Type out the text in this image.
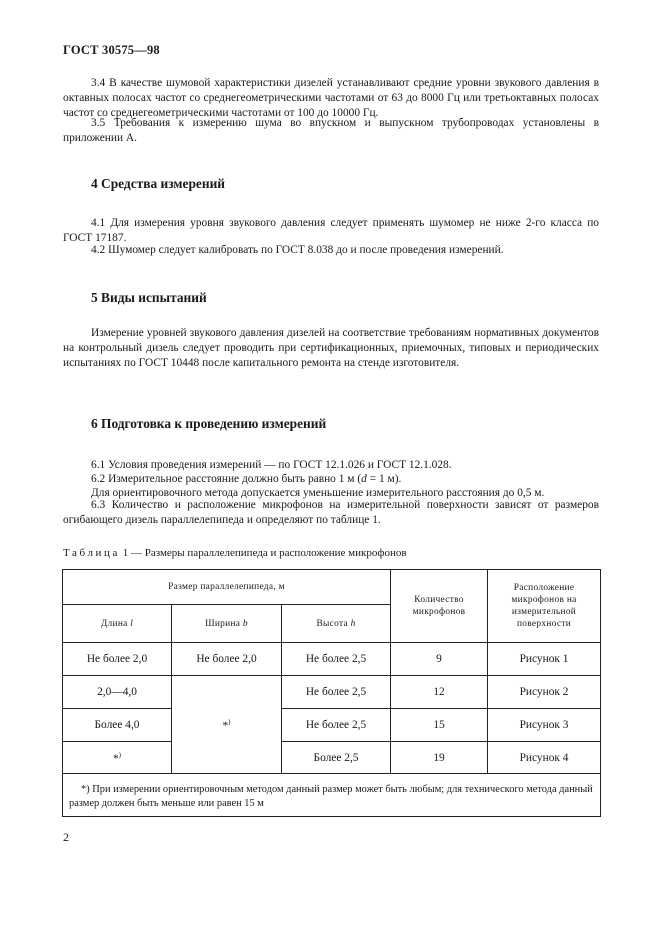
ГОСТ 30575—98
3.4 В качестве шумовой характеристики дизелей устанавливают средние уровни звукового давления в октавных полосах частот со среднегеометрическими частотами от 63 до 8000 Гц или третьоктавных полосах частот со среднегеометрическими частотами от 100 до 10000 Гц.
3.5 Требования к измерению шума во впускном и выпускном трубопроводах установлены в приложении А.
4 Средства измерений
4.1 Для измерения уровня звукового давления следует применять шумомер не ниже 2-го класса по ГОСТ 17187.
4.2 Шумомер следует калибровать по ГОСТ 8.038 до и после проведения измерений.
5 Виды испытаний
Измерение уровней звукового давления дизелей на соответствие требованиям нормативных документов на контрольный дизель следует проводить при сертификационных, приемочных, типовых и периодических испытаниях по ГОСТ 10448 после капитального ремонта на стенде изготовителя.
6 Подготовка к проведению измерений
6.1 Условия проведения измерений — по ГОСТ 12.1.026 и ГОСТ 12.1.028.
6.2 Измерительное расстояние должно быть равно 1 м (d = 1 м).
Для ориентировочного метода допускается уменьшение измерительного расстояния до 0,5 м.
6.3 Количество и расположение микрофонов на измерительной поверхности зависят от размеров огибающего дизель параллелепипеда и определяют по таблице 1.
Таблица 1 — Размеры параллелепипеда и расположение микрофонов
Размер параллелепипеда, м			Количество микрофонов	Расположение микрофонов на измерительной поверхности
Длина l	Ширина b	Высота h		
Не более 2,0	Не более 2,0	Не более 2,5	9	Рисунок 1
2,0—4,0	*)	Не более 2,5	12	Рисунок 2
Более 4,0		Не более 2,5	15	Рисунок 3
*)		Более 2,5	19	Рисунок 4
*) При измерении ориентировочным методом данный размер может быть любым; для технического метода данный размер должен быть меньше или равен 15 м				
2
